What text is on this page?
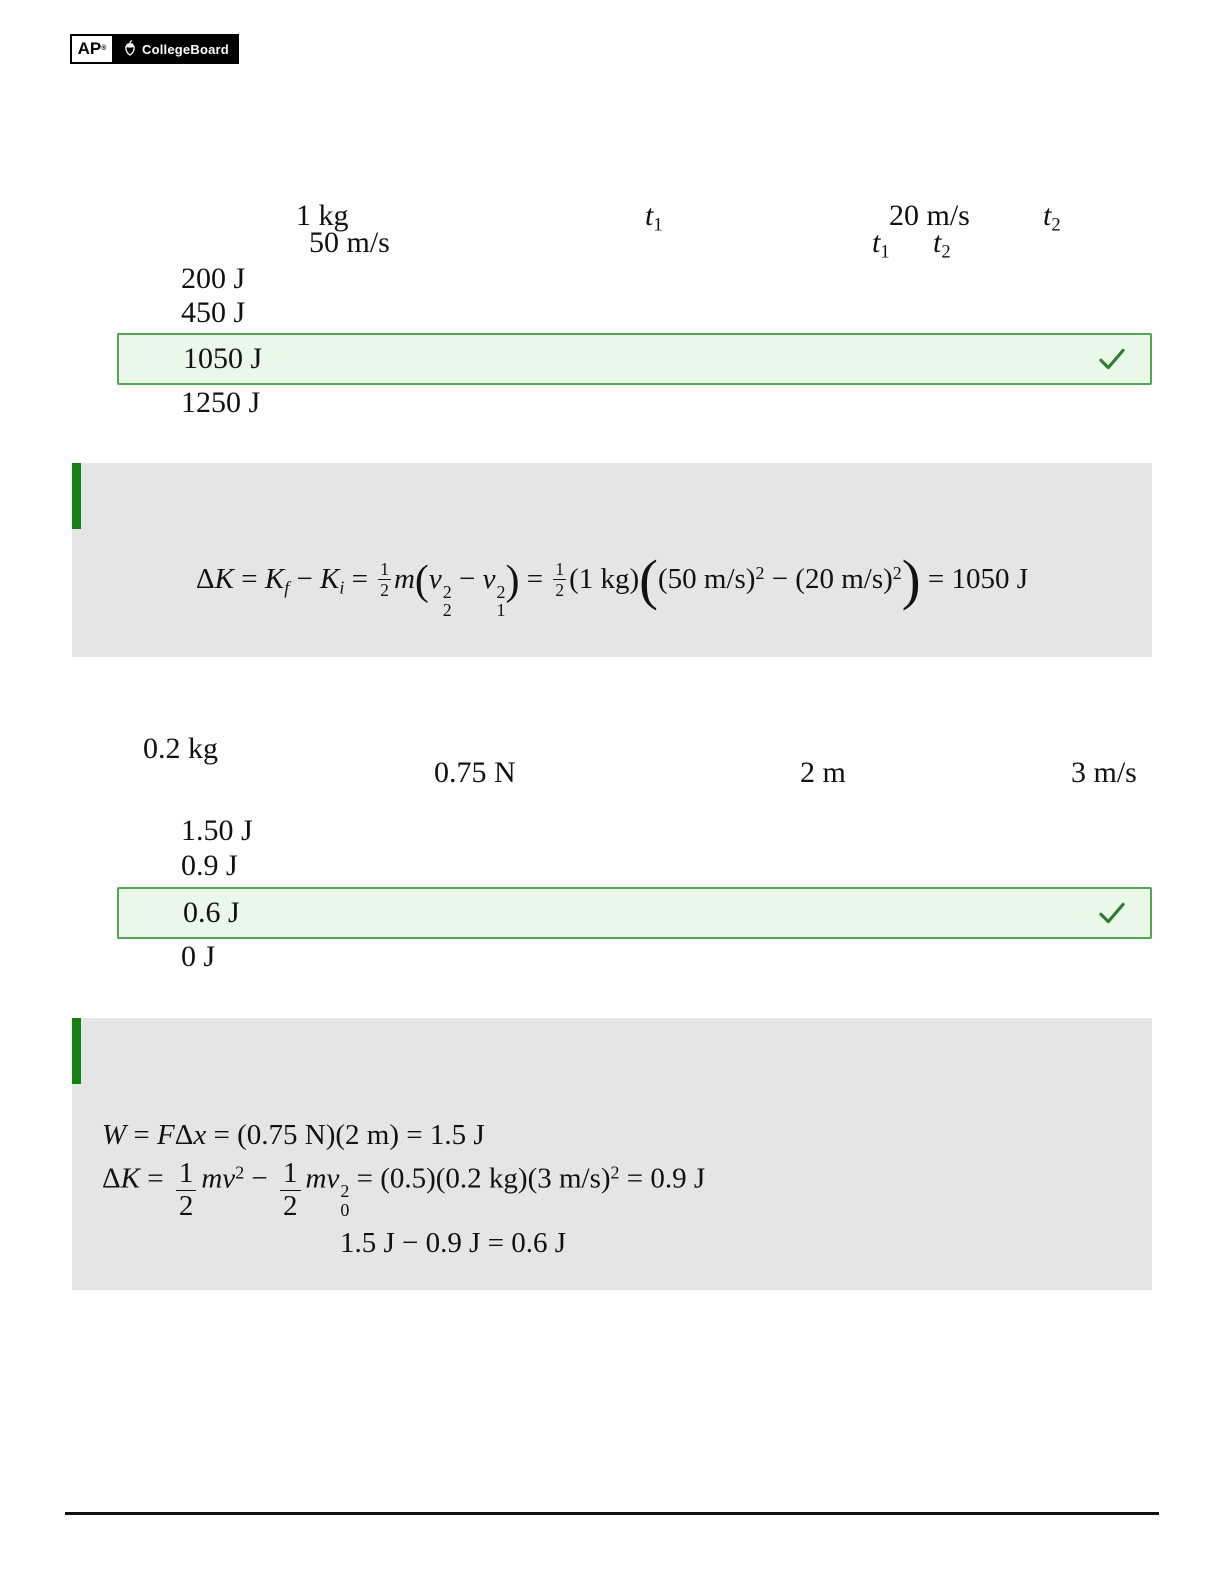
AP ®	CollegeBoard
1 kg	$t_1$	20 m/s $t_2$
50 m/s	$t_1$ $t_2$
200 J
450 J
1050 J
1250 J
$\Delta K = K_f - K_i = \frac{1}{2} m(v$ 2
2
− v 2
1
) = $\frac{1}{2} (1$ kg)((50 m/s)$^2$ − (20 m/s)$^2$) = 1050 J
0.2 kg
0.75 N	2 m	3 m/s
1.50 J
0.9 J
0.6 J
0 J
W = FΔx = (0.75 N)(2 m) = 1.5 J
$\Delta K = \frac{1}{2} mv^2 - \frac{1}{2}$ mv 2
0
= (0.5)(0.2 kg)(3 m/s)$^2$ = 0.9 J
1.5 J − 0.9 J = 0.6 J
